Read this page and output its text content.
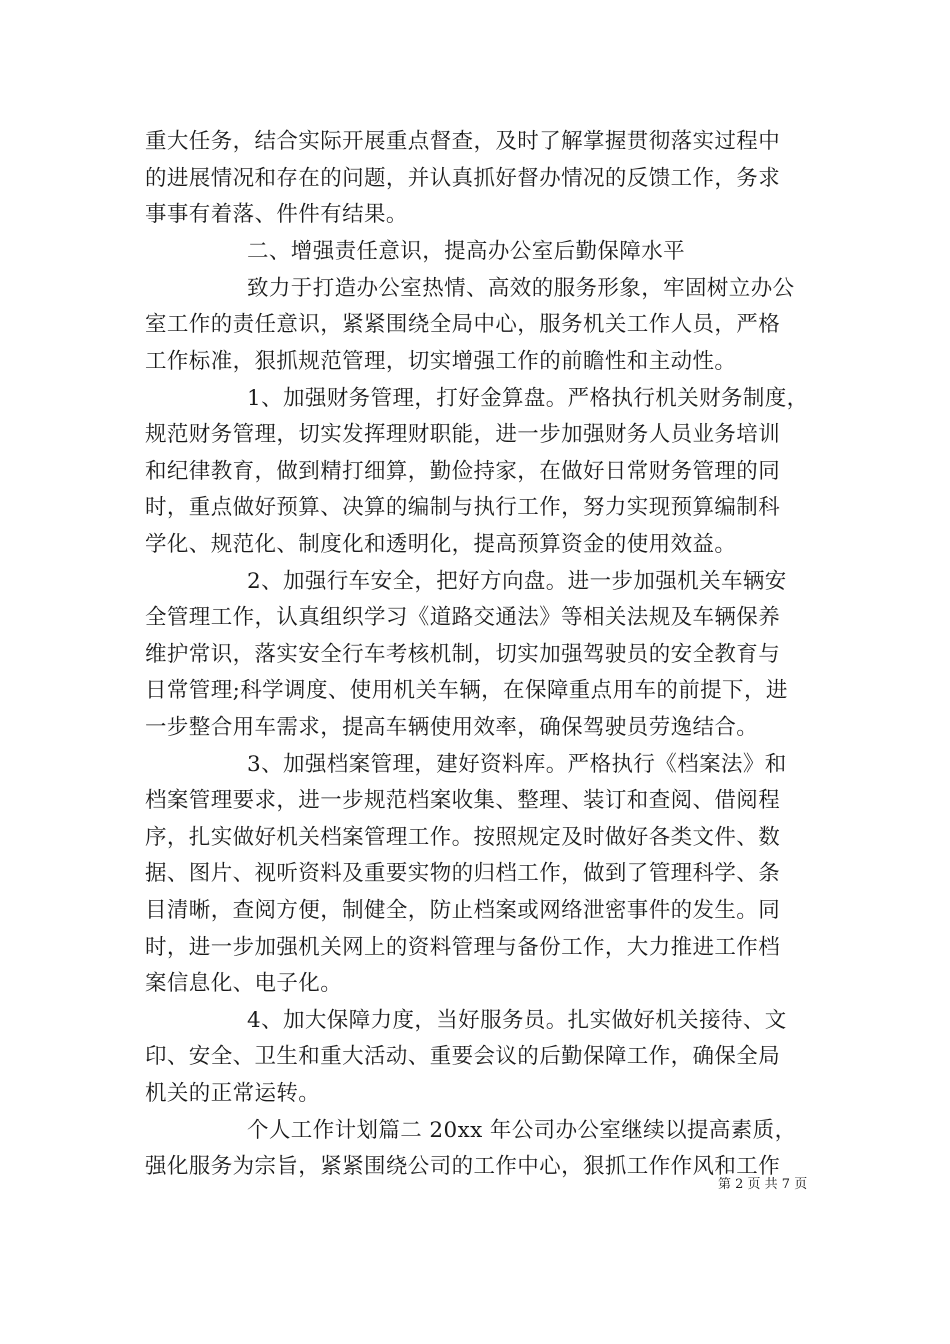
重大任务，结合实际开展重点督查，及时了解掌握贯彻落实过程中
的进展情况和存在的问题，并认真抓好督办情况的反馈工作，务求
事事有着落、件件有结果。
二、增强责任意识，提高办公室后勤保障水平
致力于打造办公室热情、高效的服务形象，牢固树立办公
室工作的责任意识，紧紧围绕全局中心，服务机关工作人员，严格
工作标准，狠抓规范管理，切实增强工作的前瞻性和主动性。
1、加强财务管理，打好金算盘。严格执行机关财务制度，
规范财务管理，切实发挥理财职能，进一步加强财务人员业务培训
和纪律教育，做到精打细算，勤俭持家，在做好日常财务管理的同
时，重点做好预算、决算的编制与执行工作，努力实现预算编制科
学化、规范化、制度化和透明化，提高预算资金的使用效益。
2、加强行车安全，把好方向盘。进一步加强机关车辆安
全管理工作，认真组织学习《道路交通法》等相关法规及车辆保养
维护常识，落实安全行车考核机制，切实加强驾驶员的安全教育与
日常管理;科学调度、使用机关车辆，在保障重点用车的前提下，进
一步整合用车需求，提高车辆使用效率，确保驾驶员劳逸结合。
3、加强档案管理，建好资料库。严格执行《档案法》和
档案管理要求，进一步规范档案收集、整理、装订和查阅、借阅程
序，扎实做好机关档案管理工作。按照规定及时做好各类文件、数
据、图片、视听资料及重要实物的归档工作，做到了管理科学、条
目清晰，查阅方便，制健全，防止档案或网络泄密事件的发生。同
时，进一步加强机关网上的资料管理与备份工作，大力推进工作档
案信息化、电子化。
4、加大保障力度，当好服务员。扎实做好机关接待、文
印、安全、卫生和重大活动、重要会议的后勤保障工作，确保全局
机关的正常运转。
个人工作计划篇二 20xx 年公司办公室继续以提高素质，
强化服务为宗旨，紧紧围绕公司的工作中心，狠抓工作作风和工作
第 2 页 共 7 页
